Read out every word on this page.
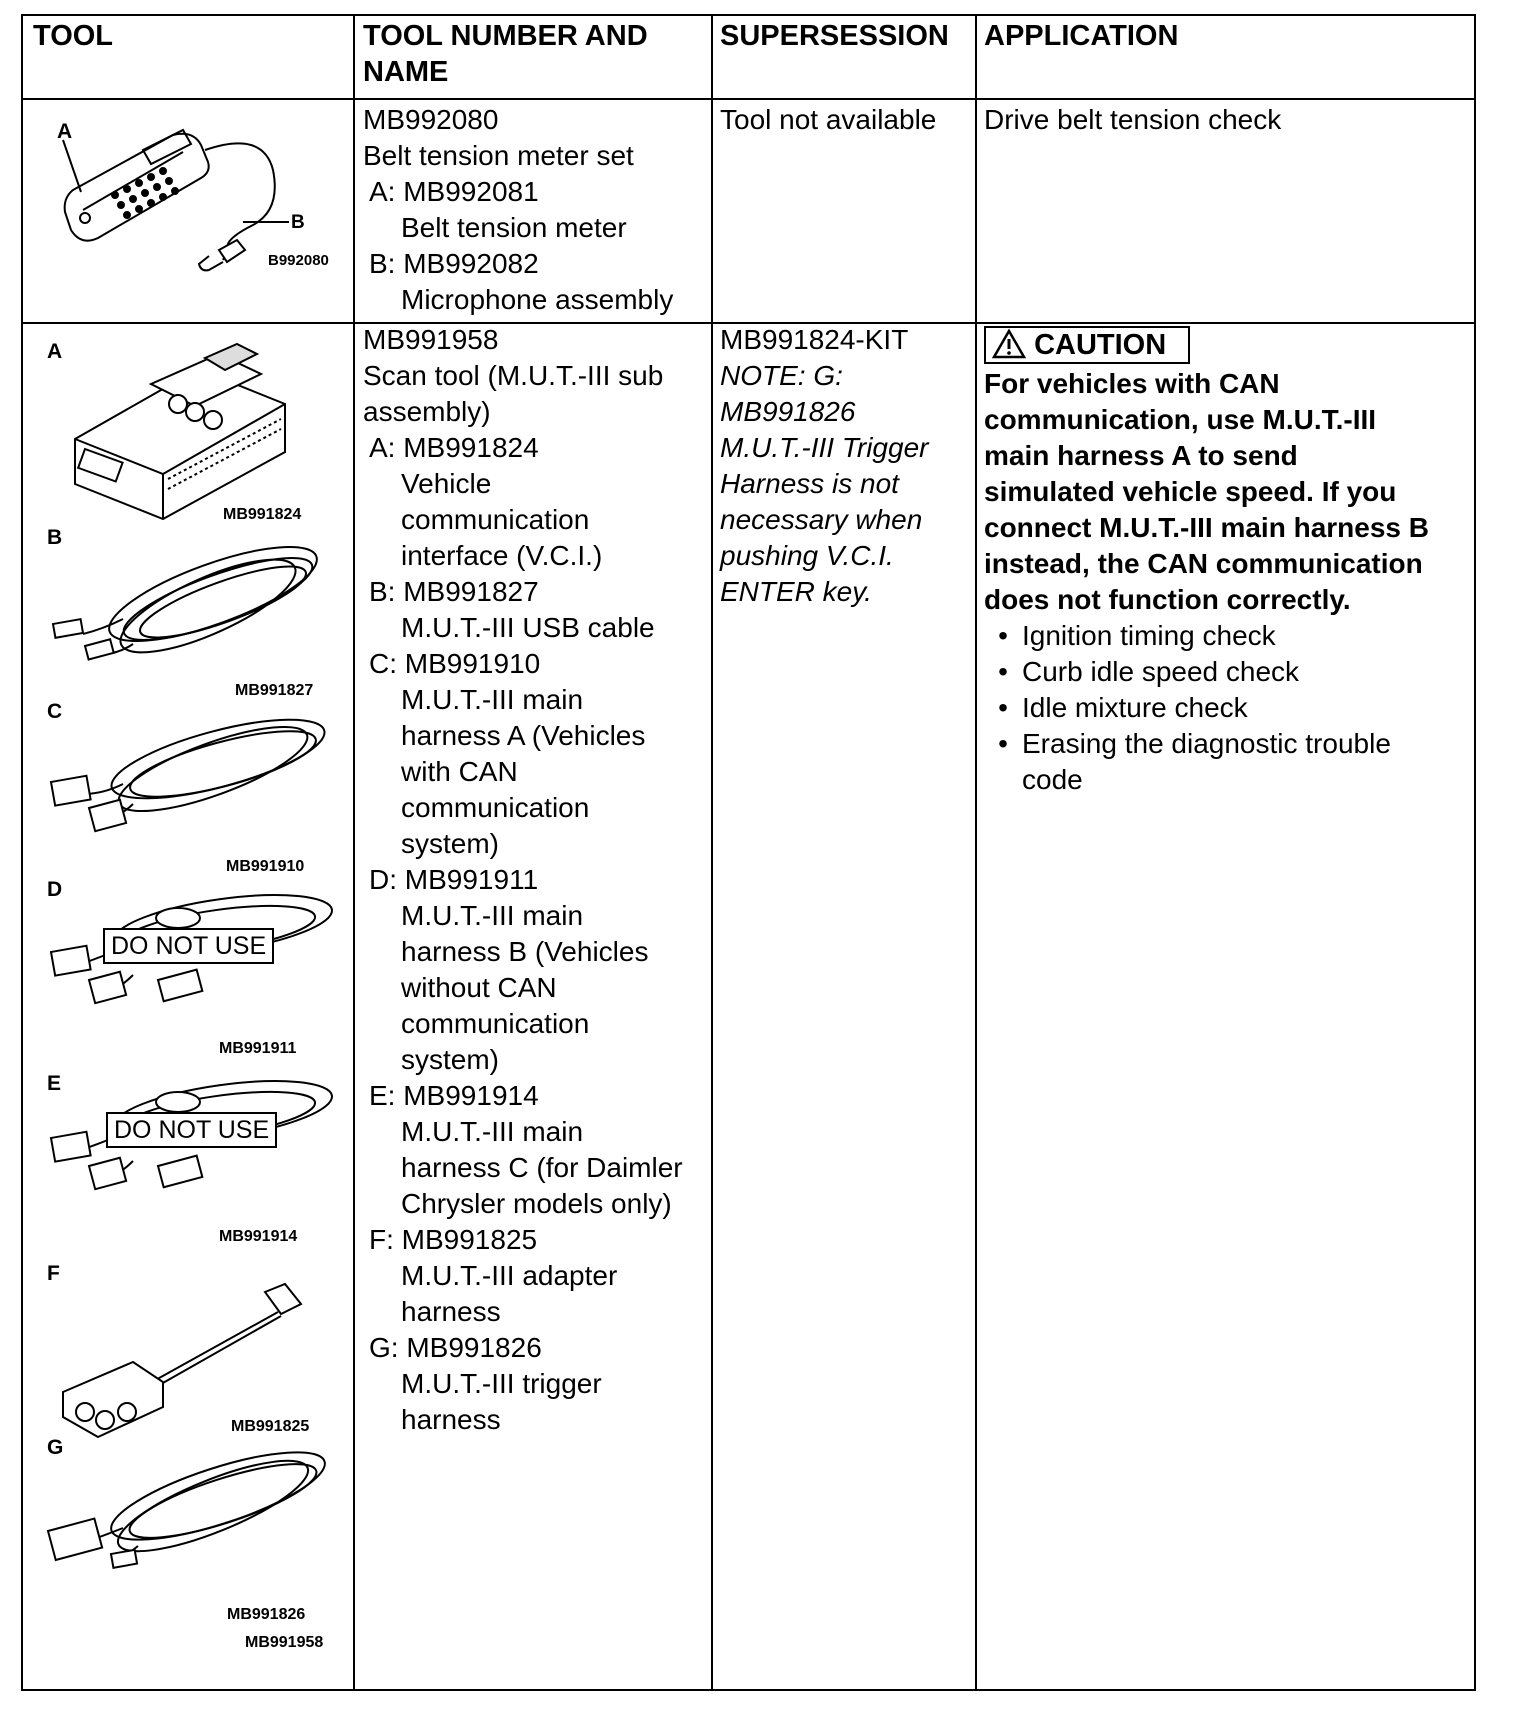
TOOL	TOOL NUMBER AND
NAME
SUPERSESSION APPLICATION
A
B
B992080
MB992080
Belt tension meter set
A: MB992081
Belt tension meter
B: MB992082
Microphone assembly
Tool not available Drive belt tension check
A
MB991824
B
MB991827
C
MB991910
D
DO NOT USE
MB991911
E
DO NOT USE
MB991914
F
MB991825
G
MB991826
MB991958
MB991958
Scan tool (M.U.T.-III sub
assembly)
A: MB991824
Vehicle
communication
interface (V.C.I.)
B: MB991827
M.U.T.-III USB cable
C: MB991910
M.U.T.-III main
harness A (Vehicles
with CAN
communication
system)
D: MB991911
M.U.T.-III main
harness B (Vehicles
without CAN
communication
system)
E: MB991914
M.U.T.-III main
harness C (for Daimler
Chrysler models only)
F: MB991825
M.U.T.-III adapter
harness
G: MB991826
M.U.T.-III trigger
harness
MB991824-KIT
NOTE: G:
MB991826
M.U.T.-III Trigger
Harness is not
necessary when
pushing V.C.I.
ENTER key.
CAUTION
For vehicles with CAN
communication, use M.U.T.-III
main harness A to send
simulated vehicle speed. If you
connect M.U.T.-III main harness B
instead, the CAN communication
does not function correctly.
• Ignition timing check
• Curb idle speed check
• Idle mixture check
• Erasing the diagnostic trouble
code
